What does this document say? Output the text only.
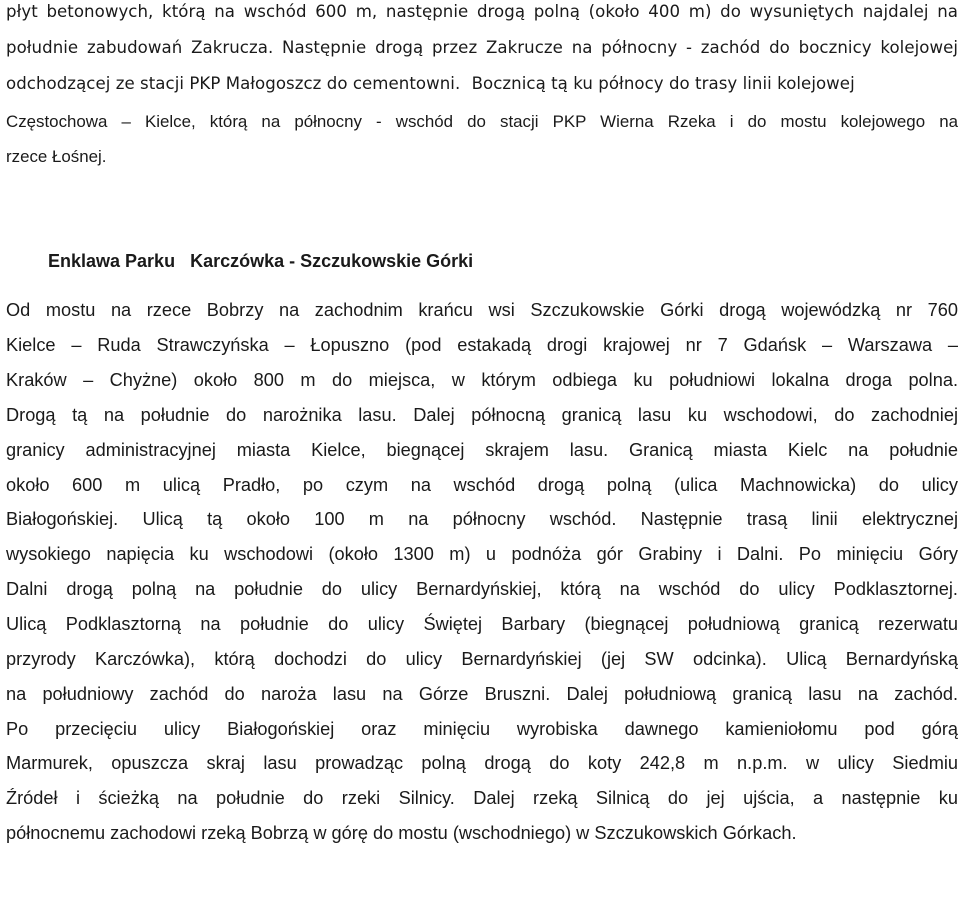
płyt betonowych, którą na wschód 600 m, następnie drogą polną (około 400 m) do wysuniętych najdalej na
południe zabudowań Zakrucza. Następnie drogą przez Zakrucze na północny - zachód do bocznicy kolejowej
odchodzącej ze stacji PKP Małogoszcz do cementowni. Bocznicą tą ku północy do trasy linii kolejowej
Częstochowa – Kielce, którą na północny - wschód do stacji PKP Wierna Rzeka i do mostu kolejowego na
rzece Łośnej.
Enklawa Parku   Karczówka - Szczukowskie Górki
Od mostu na rzece Bobrzy na zachodnim krańcu wsi Szczukowskie Górki drogą wojewódzką nr 760
Kielce – Ruda Strawczyńska – Łopuszno (pod estakadą drogi krajowej nr 7 Gdańsk – Warszawa –
Kraków – Chyżne) około 800 m do miejsca, w którym odbiega ku południowi lokalna droga polna.
Drogą tą na południe do narożnika lasu. Dalej północną granicą lasu ku wschodowi, do zachodniej
granicy administracyjnej miasta Kielce, biegnącej skrajem lasu. Granicą miasta Kielc na południe
około 600 m ulicą Pradło, po czym na wschód drogą polną (ulica Machnowicka) do ulicy
Białogońskiej. Ulicą tą około 100 m na północny wschód. Następnie trasą linii elektrycznej
wysokiego napięcia ku wschodowi (około 1300 m) u podnóża gór Grabiny i Dalni. Po minięciu Góry
Dalni drogą polną na południe do ulicy Bernardyńskiej, którą na wschód do ulicy Podklasztornej.
Ulicą Podklasztorną na południe do ulicy Świętej Barbary (biegnącej południową granicą rezerwatu
przyrody Karczówka), którą dochodzi do ulicy Bernardyńskiej (jej SW odcinka). Ulicą Bernardyńską
na południowy zachód do naroża lasu na Górze Bruszni. Dalej południową granicą lasu na zachód.
Po przecięciu ulicy Białogońskiej oraz minięciu wyrobiska dawnego kamieniołomu pod górą
Marmurek, opuszcza skraj lasu prowadząc polną drogą do koty 242,8 m n.p.m. w ulicy Siedmiu
Źródeł i ścieżką na południe do rzeki Silnicy. Dalej rzeką Silnicą do jej ujścia, a następnie ku
północnemu zachodowi rzeką Bobrzą w górę do mostu (wschodniego) w Szczukowskich Górkach.
